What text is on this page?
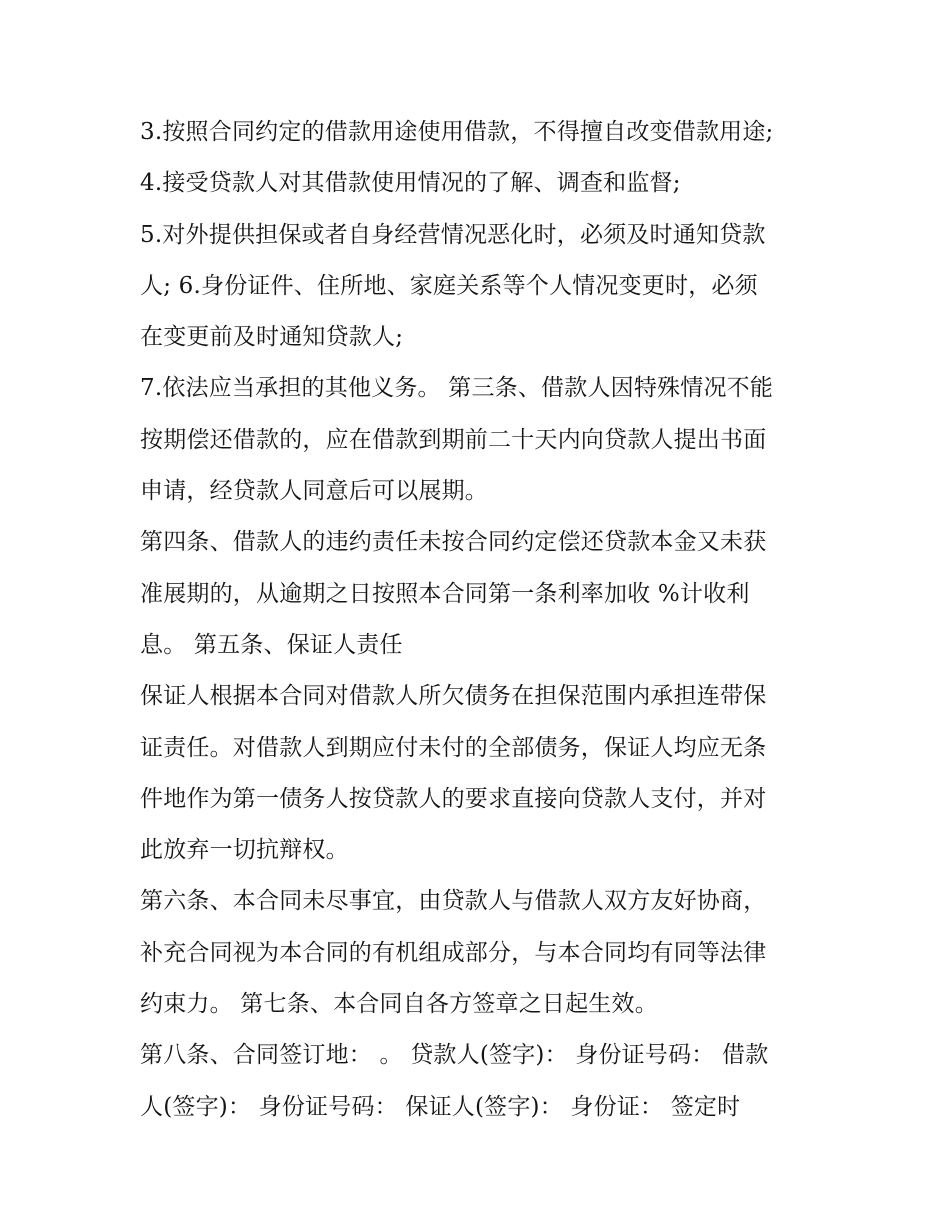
3.按照合同约定的借款用途使用借款，不得擅自改变借款用途;
4.接受贷款人对其借款使用情况的了解、调查和监督;
5.对外提供担保或者自身经营情况恶化时，必须及时通知贷款
人; 6.身份证件、住所地、家庭关系等个人情况变更时，必须
在变更前及时通知贷款人;
7.依法应当承担的其他义务。 第三条、借款人因特殊情况不能
按期偿还借款的，应在借款到期前二十天内向贷款人提出书面
申请，经贷款人同意后可以展期。
第四条、借款人的违约责任未按合同约定偿还贷款本金又未获
准展期的，从逾期之日按照本合同第一条利率加收 %计收利
息。 第五条、保证人责任
保证人根据本合同对借款人所欠债务在担保范围内承担连带保
证责任。对借款人到期应付未付的全部债务，保证人均应无条
件地作为第一债务人按贷款人的要求直接向贷款人支付，并对
此放弃一切抗辩权。
第六条、本合同未尽事宜，由贷款人与借款人双方友好协商，
补充合同视为本合同的有机组成部分，与本合同均有同等法律
约束力。 第七条、本合同自各方签章之日起生效。
第八条、合同签订地： 。 贷款人(签字)： 身份证号码： 借款
人(签字)： 身份证号码： 保证人(签字)： 身份证： 签定时
